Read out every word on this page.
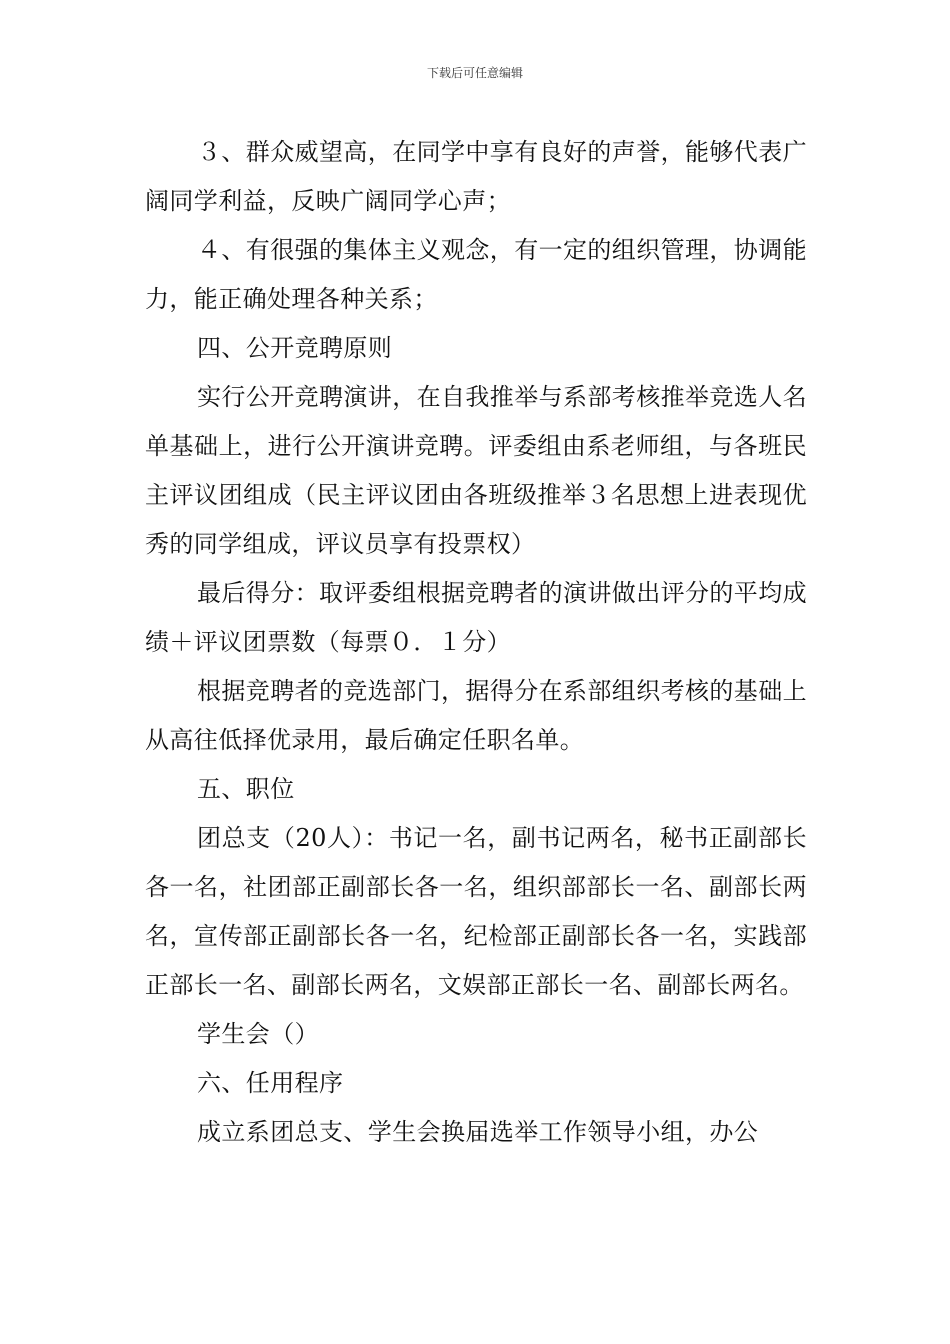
下载后可任意编辑

３、群众威望高，在同学中享有良好的声誉，能够代表广阔同学利益，反映广阔同学心声；

４、有很强的集体主义观念，有一定的组织管理，协调能力，能正确处理各种关系；

四、公开竞聘原则

实行公开竞聘演讲，在自我推举与系部考核推举竞选人名单基础上，进行公开演讲竞聘。评委组由系老师组，与各班民主评议团组成（民主评议团由各班级推举３名思想上进表现优秀的同学组成，评议员享有投票权）

最后得分：取评委组根据竞聘者的演讲做出评分的平均成绩＋评议团票数（每票０．１分）

根据竞聘者的竞选部门，据得分在系部组织考核的基础上从高往低择优录用，最后确定任职名单。

五、职位

团总支（20人）：书记一名，副书记两名，秘书正副部长各一名，社团部正副部长各一名，组织部部长一名、副部长两名，宣传部正副部长各一名，纪检部正副部长各一名，实践部正部长一名、副部长两名，文娱部正部长一名、副部长两名。

学生会（）

六、任用程序

成立系团总支、学生会换届选举工作领导小组，办公
